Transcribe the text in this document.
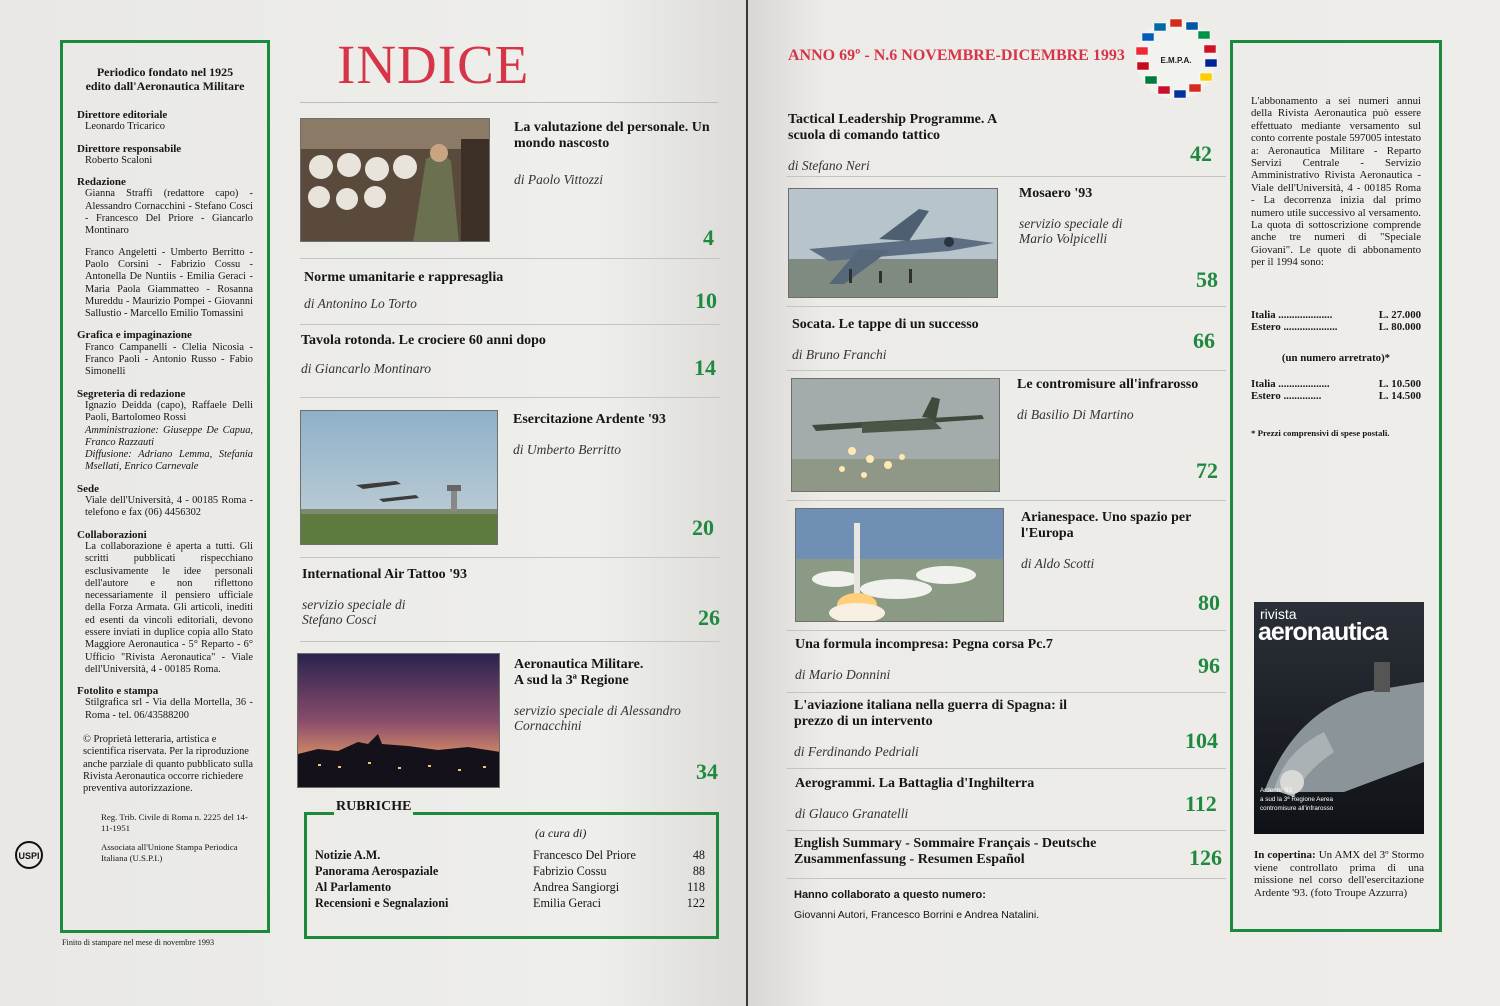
Periodico fondato nel 1925
edito dall'Aeronautica Militare
Direttore editoriale
Leonardo Tricarico
Direttore responsabile
Roberto Scaloni
Redazione
Gianna Straffi (redattore capo) - Alessandro Cornacchini - Stefano Cosci - Francesco Del Priore - Giancarlo Montinaro
Franco Angeletti - Umberto Berritto - Paolo Corsini - Fabrizio Cossu - Antonella De Nuntiis - Emilia Geraci - Maria Paola Giammatteo - Rosanna Mureddu - Maurizio Pompei - Giovanni Sallustio - Marcello Emilio Tomassini
Grafica e impaginazione
Franco Campanelli - Clelia Nicosia - Franco Paoli - Antonio Russo - Fabio Simonelli
Segreteria di redazione
Ignazio Deidda (capo), Raffaele Delli Paoli, Bartolomeo Rossi
Amministrazione: Giuseppe De Capua, Franco Razzauti
Diffusione: Adriano Lemma, Stefania Msellati, Enrico Carnevale
Sede
Viale dell'Università, 4 - 00185 Roma - telefono e fax (06) 4456302
Collaborazioni
La collaborazione è aperta a tutti. Gli scritti pubblicati rispecchiano esclusivamente le idee personali dell'autore e non riflettono necessariamente il pensiero ufficiale della Forza Armata. Gli articoli, inediti ed esenti da vincoli editoriali, devono essere inviati in duplice copia allo Stato Maggiore Aeronautica - 5° Reparto - 6° Ufficio "Rivista Aeronautica" - Viale dell'Università, 4 - 00185 Roma.
Fotolito e stampa
Stilgrafica srl - Via della Mortella, 36 - Roma - tel. 06/43588200
© Proprietà letteraria, artistica e scientifica riservata. Per la riproduzione anche parziale di quanto pubblicato sulla Rivista Aeronautica occorre richiedere preventiva autorizzazione.
Reg. Trib. Civile di Roma n. 2225 del 14-11-1951
Associata all'Unione Stampa Periodica Italiana (U.S.P.I.)
USPI
Finito di stampare nel mese di novembre 1993
INDICE
La valutazione del personale. Un mondo nascosto
di Paolo Vittozzi
4
Norme umanitarie e rappresaglia
di Antonino Lo Torto	10
Tavola rotonda. Le crociere 60 anni dopo
di Giancarlo Montinaro	14
Esercitazione Ardente '93
di Umberto Berritto
20
International Air Tattoo '93
servizio speciale di Stefano Cosci	26
Aeronautica Militare. A sud la 3ª Regione
servizio speciale di Alessandro Cornacchini
34
(a cura di)
Notizie A.M.	Francesco Del Priore	48
Panorama Aerospaziale	Fabrizio Cossu	88
Al Parlamento	Andrea Sangiorgi	118
Recensioni e Segnalazioni	Emilia Geraci	122
RUBRICHE
ANNO 69º - N.6 NOVEMBRE-DICEMBRE 1993	E.M.P.A.
Tactical Leadership Programme. A scuola di comando tattico
di Stefano Neri	42
Mosaero '93
servizio speciale di Mario Volpicelli
58
Socata. Le tappe di un successo
di Bruno Franchi
66
Le contromisure all'infrarosso
di Basilio Di Martino
72
Arianespace. Uno spazio per l'Europa
di Aldo Scotti
80
Una formula incompresa: Pegna corsa Pc.7
di Mario Donnini	96
L'aviazione italiana nella guerra di Spagna: il prezzo di un intervento
di Ferdinando Pedriali	104
Aerogrammi. La Battaglia d'Inghilterra
di Glauco Granatelli	112
English Summary - Sommaire Français - Deutsche Zusammenfassung - Resumen Español	126
Hanno collaborato a questo numero:
Giovanni Autori, Francesco Borrini e Andrea Natalini.
L'abbonamento a sei numeri annui della Rivista Aeronautica può essere effettuato mediante versamento sul conto corrente postale 597005 intestato a: Aeronautica Militare - Reparto Servizi Centrale - Servizio Amministrativo Rivista Aeronautica - Viale dell'Università, 4 - 00185 Roma - La decorrenza inizia dal primo numero utile successivo al versamento. La quota di sottoscrizione comprende anche tre numeri di "Speciale Giovani". Le quote di abbonamento per il 1994 sono:
Italia ....................	L. 27.000
Estero ....................	L. 80.000
(un numero arretrato)*
Italia ...................	L. 10.500
Estero ..............	L. 14.500
* Prezzi comprensivi di spese postali.
rivista
aeronautica
Ardente '93
a sud la 3ª Regione Aerea
contromisure all'infrarosso
In copertina: Un AMX del 3º Stormo viene controllato prima di una missione nel corso dell'esercitazione Ardente '93. (foto Troupe Azzurra)
